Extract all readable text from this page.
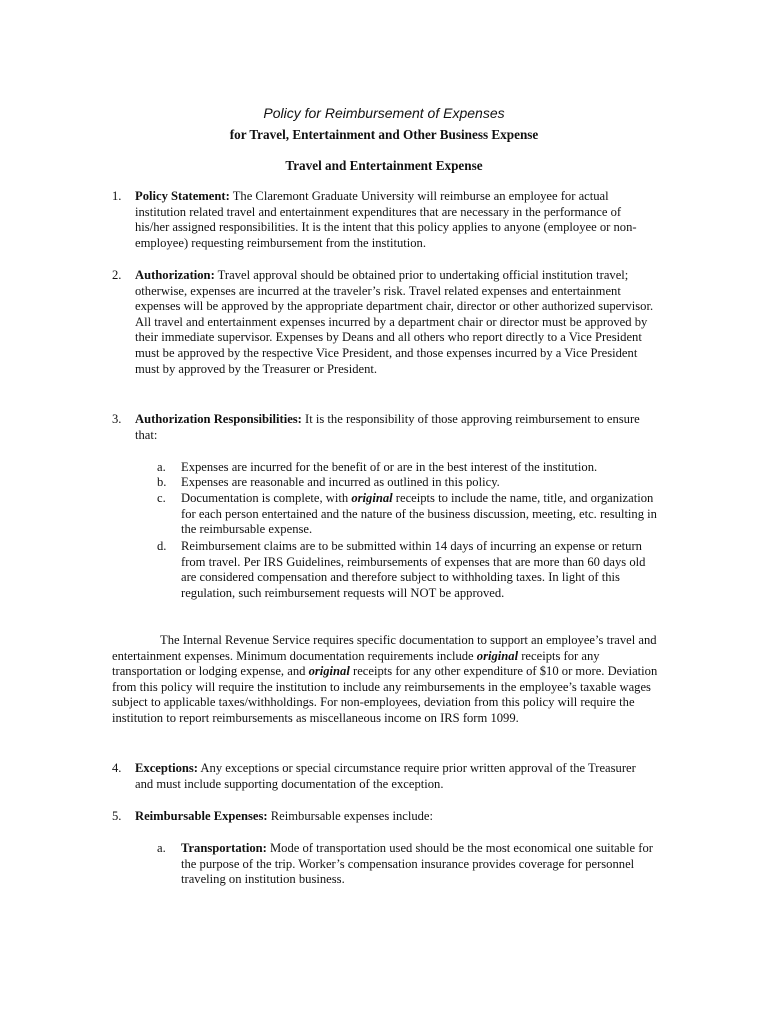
Policy for Reimbursement of Expenses
for Travel, Entertainment and Other Business Expense
Travel and Entertainment Expense
1.	Policy Statement: The Claremont Graduate University will reimburse an employee for actual institution related travel and entertainment expenditures that are necessary in the performance of his/her assigned responsibilities. It is the intent that this policy applies to anyone (employee or non-employee) requesting reimbursement from the institution.
2.	Authorization: Travel approval should be obtained prior to undertaking official institution travel; otherwise, expenses are incurred at the traveler’s risk. Travel related expenses and entertainment expenses will be approved by the appropriate department chair, director or other authorized supervisor. All travel and entertainment expenses incurred by a department chair or director must be approved by their immediate supervisor. Expenses by Deans and all others who report directly to a Vice President must be approved by the respective Vice President, and those expenses incurred by a Vice President must by approved by the Treasurer or President.
3.	Authorization Responsibilities: It is the responsibility of those approving reimbursement to ensure that:
a.	Expenses are incurred for the benefit of or are in the best interest of the institution.
b.	Expenses are reasonable and incurred as outlined in this policy.
c.	Documentation is complete, with original receipts to include the name, title, and organization for each person entertained and the nature of the business discussion, meeting, etc. resulting in the reimbursable expense.
d.	Reimbursement claims are to be submitted within 14 days of incurring an expense or return from travel. Per IRS Guidelines, reimbursements of expenses that are more than 60 days old are considered compensation and therefore subject to withholding taxes. In light of this regulation, such reimbursement requests will NOT be approved.
The Internal Revenue Service requires specific documentation to support an employee’s travel and entertainment expenses. Minimum documentation requirements include original receipts for any transportation or lodging expense, and original receipts for any other expenditure of $10 or more. Deviation from this policy will require the institution to include any reimbursements in the employee’s taxable wages subject to applicable taxes/withholdings. For non-employees, deviation from this policy will require the institution to report reimbursements as miscellaneous income on IRS form 1099.
4.	Exceptions: Any exceptions or special circumstance require prior written approval of the Treasurer and must include supporting documentation of the exception.
5.	Reimbursable Expenses: Reimbursable expenses include:
a.	Transportation: Mode of transportation used should be the most economical one suitable for the purpose of the trip. Worker’s compensation insurance provides coverage for personnel traveling on institution business.
